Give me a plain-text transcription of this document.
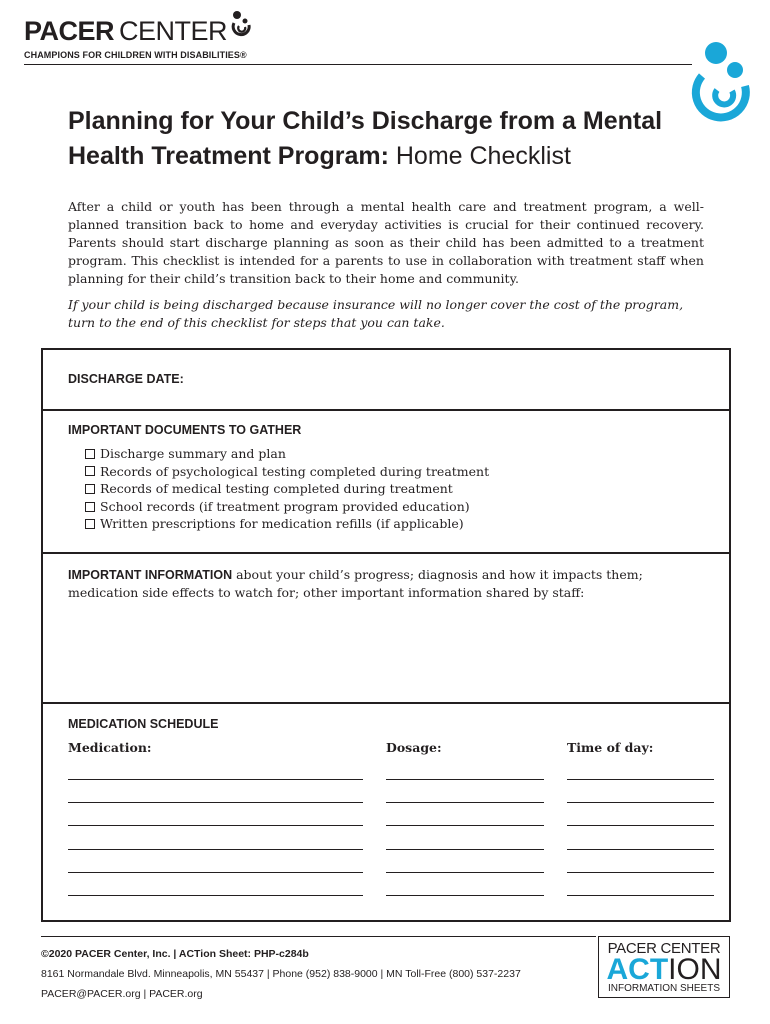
PACER CENTER
CHAMPIONS FOR CHILDREN WITH DISABILITIES®
Planning for Your Child’s Discharge from a Mental Health Treatment Program: Home Checklist

After a child or youth has been through a mental health care and treatment program, a well-planned transition back to home and everyday activities is crucial for their continued recovery. Parents should start discharge planning as soon as their child has been admitted to a treatment program. This checklist is intended for a parents to use in collaboration with treatment staff when planning for their child’s transition back to their home and community.

If your child is being discharged because insurance will no longer cover the cost of the program, turn to the end of this checklist for steps that you can take.

DISCHARGE DATE:
IMPORTANT DOCUMENTS TO GATHER
Discharge summary and plan
Records of psychological testing completed during treatment
Records of medical testing completed during treatment
School records (if treatment program provided education)
Written prescriptions for medication refills (if applicable)

IMPORTANT INFORMATION about your child’s progress; diagnosis and how it impacts them; medication side effects to watch for; other important information shared by staff:

MEDICATION SCHEDULE
Medication:	Dosage:	Time of day:
©2020 PACER Center, Inc. | ACTion Sheet: PHP-c284b
8161 Normandale Blvd. Minneapolis, MN 55437 | Phone (952) 838-9000 | MN Toll-Free (800) 537-2237
PACER@PACER.org | PACER.org
PACER CENTER
ACTION
INFORMATION SHEETS
